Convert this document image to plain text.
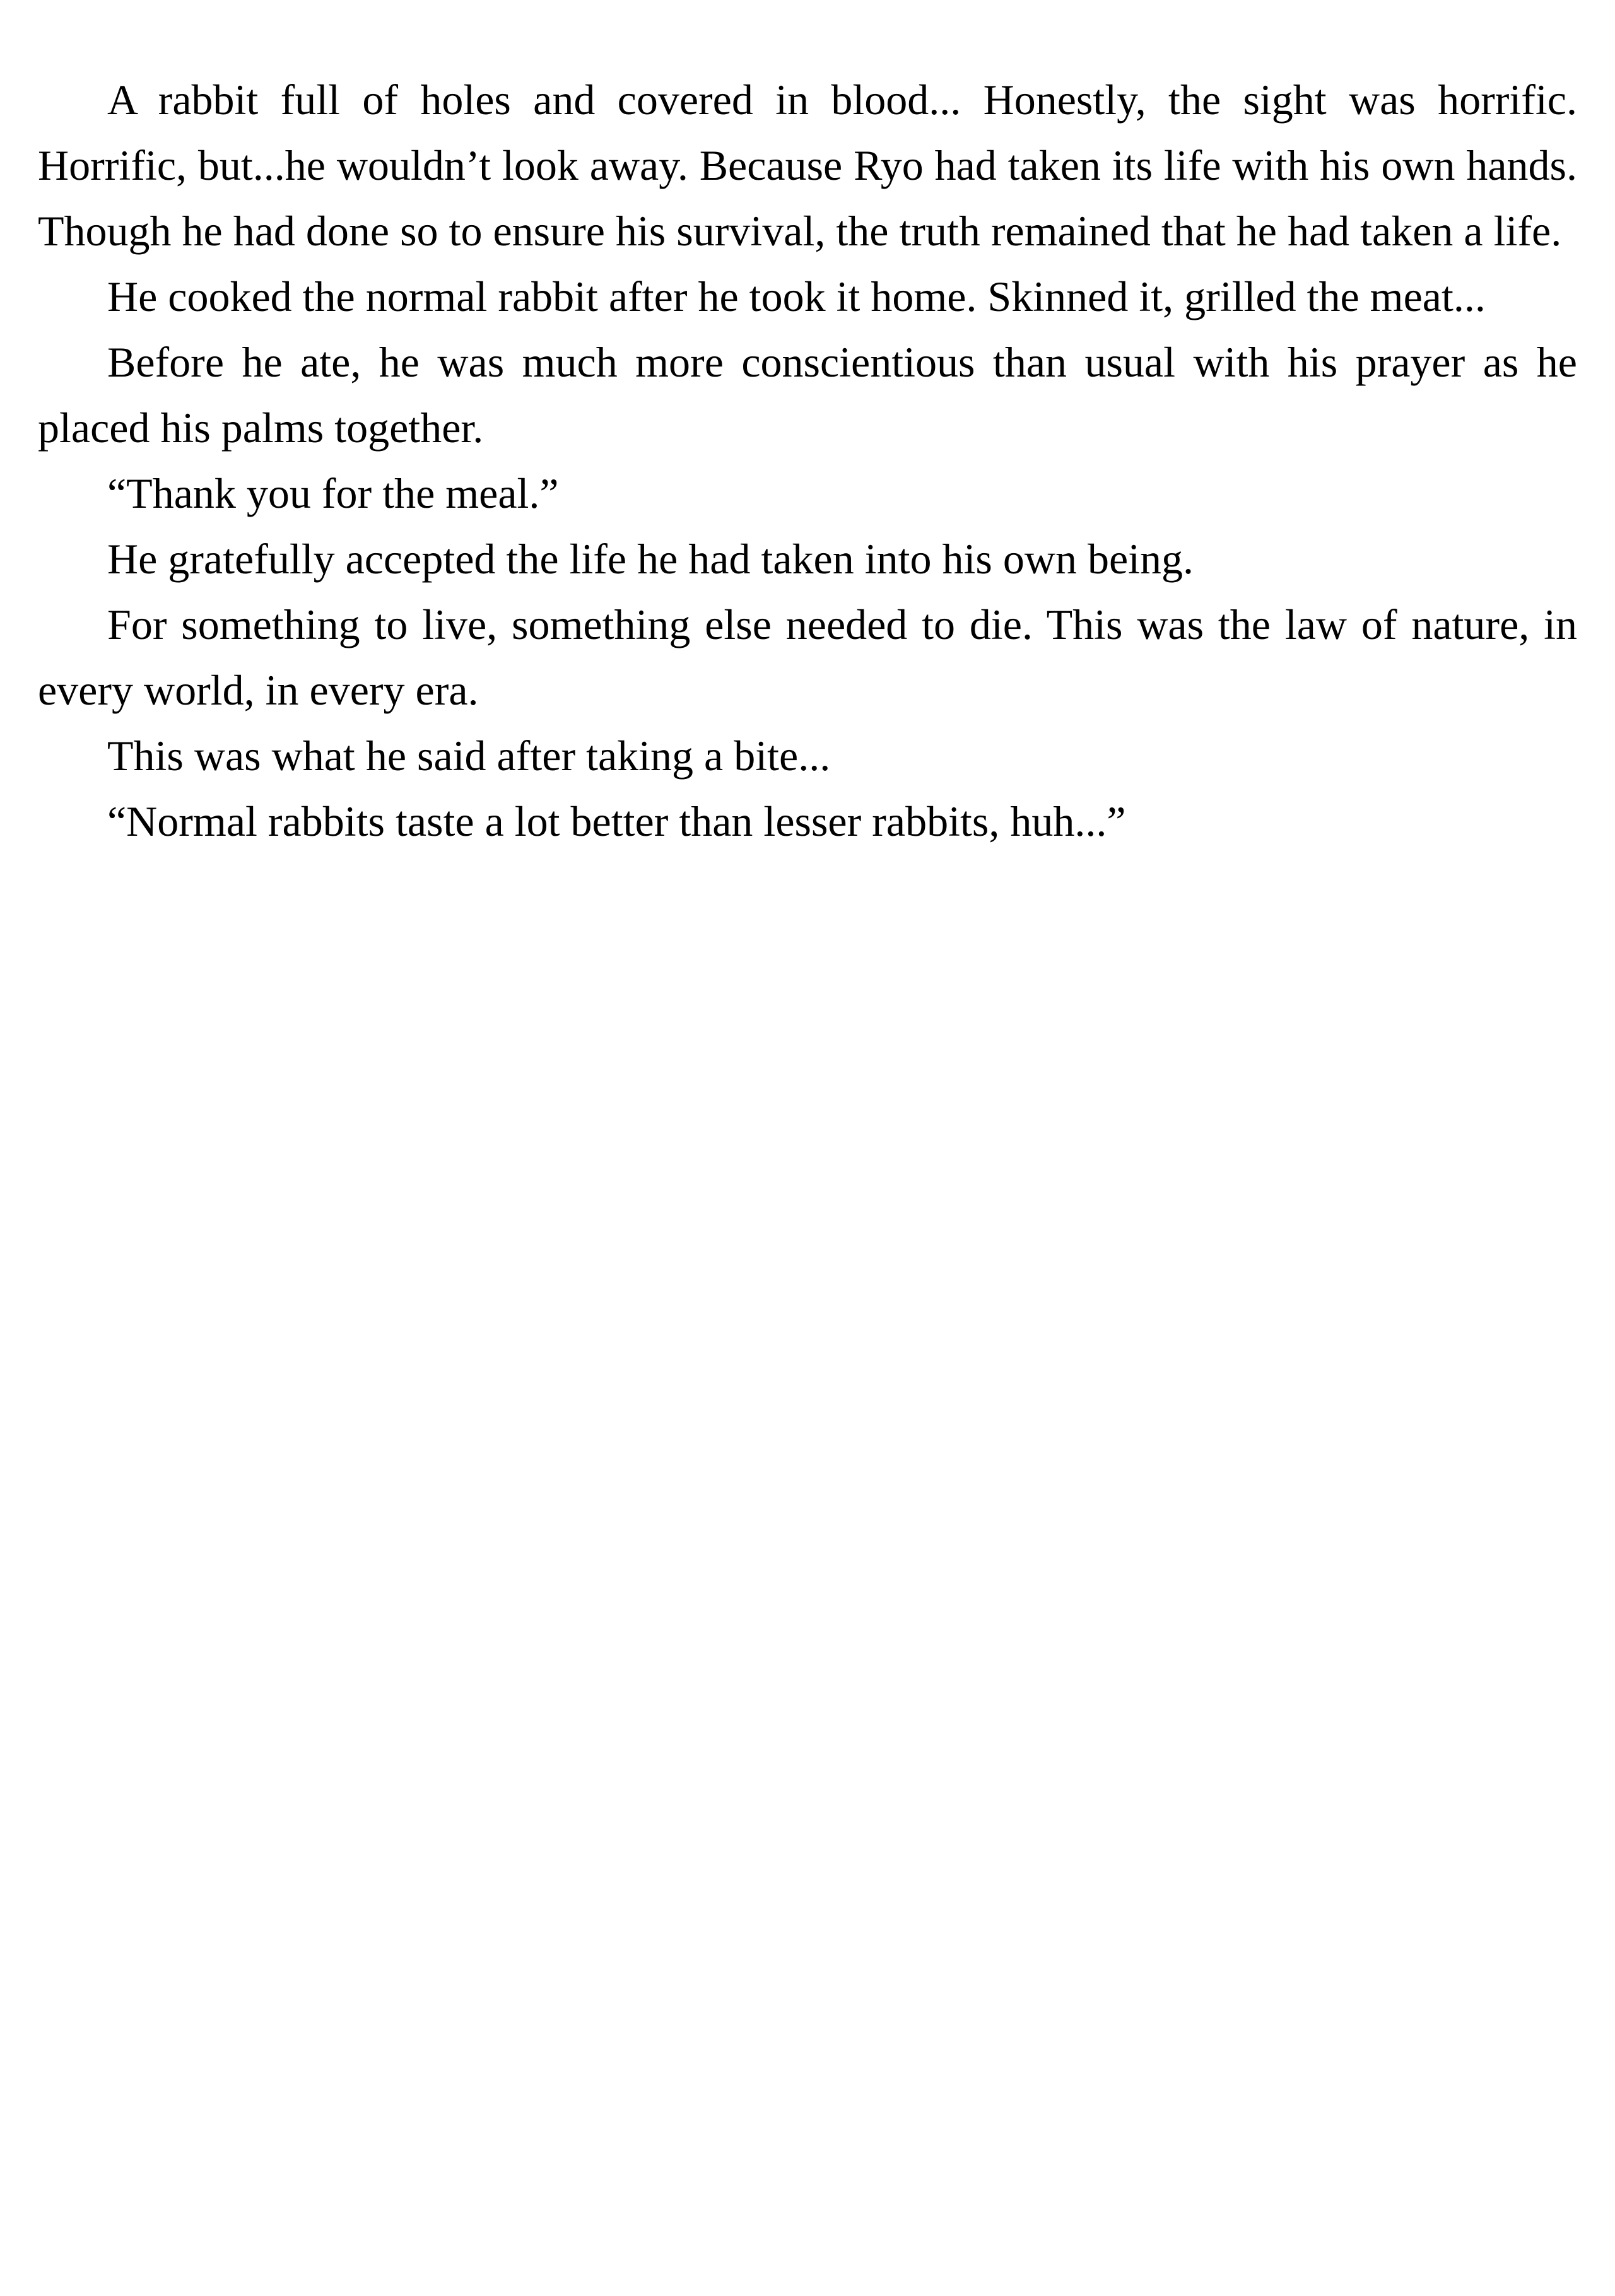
A rabbit full of holes and covered in blood... Honestly, the sight was horrific. Horrific, but...he wouldn’t look away. Because Ryo had taken its life with his own hands. Though he had done so to ensure his survival, the truth remained that he had taken a life.

He cooked the normal rabbit after he took it home. Skinned it, grilled the meat...

Before he ate, he was much more conscientious than usual with his prayer as he placed his palms together.

“Thank you for the meal.”

He gratefully accepted the life he had taken into his own being.

For something to live, something else needed to die. This was the law of nature, in every world, in every era.

This was what he said after taking a bite...

“Normal rabbits taste a lot better than lesser rabbits, huh...”
